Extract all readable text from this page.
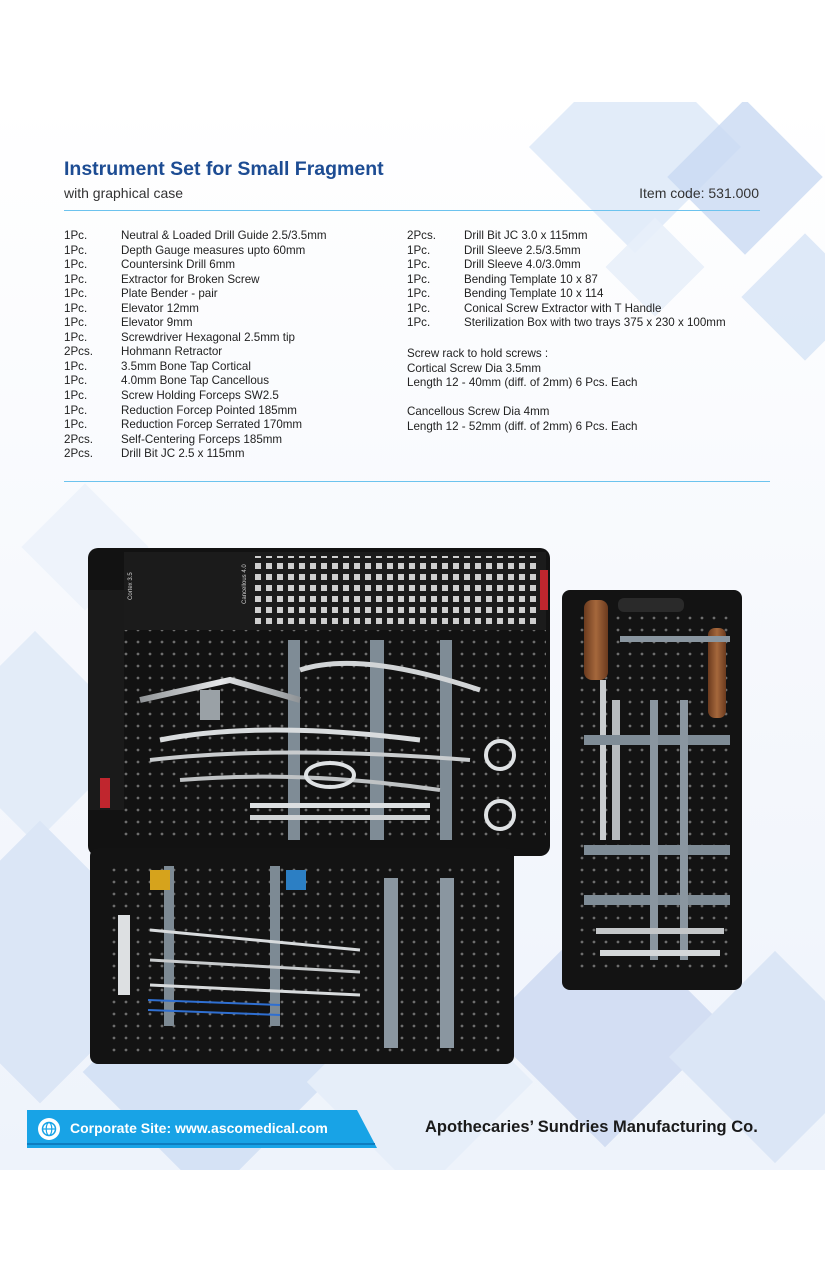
Instrument Set for Small Fragment
with graphical case	Item code: 531.000
1Pc.	Neutral & Loaded Drill Guide 2.5/3.5mm
1Pc.	Depth Gauge measures upto 60mm
1Pc.	Countersink Drill 6mm
1Pc.	Extractor for Broken Screw
1Pc.	Plate Bender - pair
1Pc.	Elevator 12mm
1Pc.	Elevator 9mm
1Pc.	Screwdriver Hexagonal 2.5mm tip
2Pcs.	Hohmann Retractor
1Pc.	3.5mm Bone Tap Cortical
1Pc.	4.0mm Bone Tap Cancellous
1Pc.	Screw Holding Forceps SW2.5
1Pc.	Reduction Forcep Pointed 185mm
1Pc.	Reduction Forcep Serrated 170mm
2Pcs.	Self-Centering Forceps 185mm
2Pcs.	Drill Bit JC 2.5 x 115mm
2Pcs.	Drill Bit JC 3.0 x 115mm
1Pc.	Drill Sleeve 2.5/3.5mm
1Pc.	Drill Sleeve 4.0/3.0mm
1Pc.	Bending Template 10 x 87
1Pc.	Bending Template 10 x 114
1Pc.	Conical Screw Extractor with T Handle
1Pc.	Sterilization Box with two trays 375 x 230 x 100mm
Screw rack to hold screws :
Cortical Screw Dia 3.5mm
Length 12 - 40mm (diff. of 2mm) 6 Pcs. Each
Cancellous Screw Dia 4mm
Length 12 - 52mm (diff. of 2mm) 6 Pcs. Each
Cortex 3.5	Cancellous 4.0
Corporate Site: www.ascomedical.com	Apothecaries’ Sundries Manufacturing Co.
